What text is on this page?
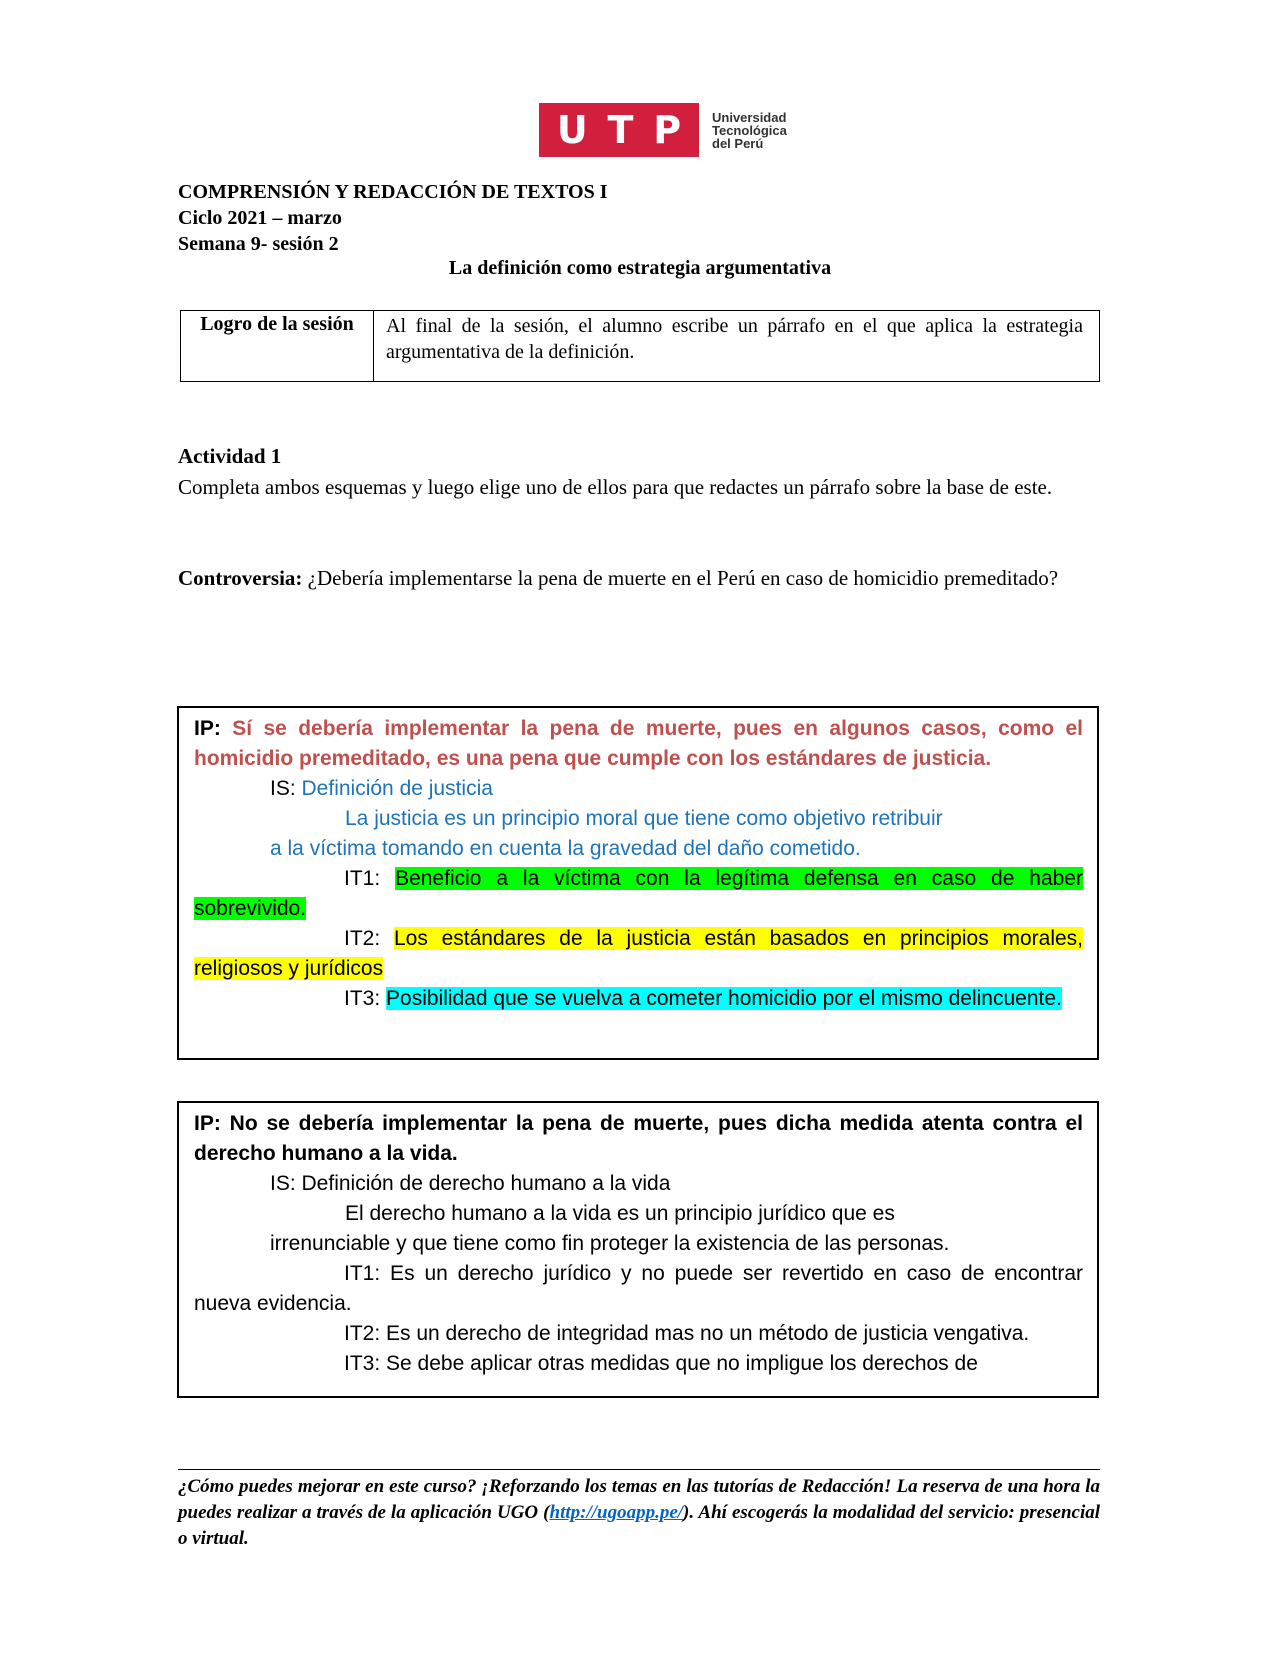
U T P Universidad
Tecnológica
del Perú
COMPRENSIÓN Y REDACCIÓN DE TEXTOS I
Ciclo 2021 – marzo
Semana 9- sesión 2
La definición como estrategia argumentativa
Logro de la sesión	Al final de la sesión, el alumno escribe un párrafo en el que aplica la estrategia argumentativa de la definición.
Actividad 1
Completa ambos esquemas y luego elige uno de ellos para que redactes un párrafo sobre la base de este.
Controversia: ¿Debería implementarse la pena de muerte en el Perú en caso de homicidio premeditado?
IP: Sí se debería implementar la pena de muerte, pues en algunos casos, como el homicidio premeditado, es una pena que cumple con los estándares de justicia.
IS: Definición de justicia
La justicia es un principio moral que tiene como objetivo retribuir
a la víctima tomando en cuenta la gravedad del daño cometido.
IT1: Beneficio a la víctima con la legítima defensa en caso de haber sobrevivido.
IT2: Los estándares de la justicia están basados en principios morales, religiosos y jurídicos
IT3: Posibilidad que se vuelva a cometer homicidio por el mismo delincuente.
IP: No se debería implementar la pena de muerte, pues dicha medida atenta contra el derecho humano a la vida.
IS: Definición de derecho humano a la vida
El derecho humano a la vida es un principio jurídico que es
irrenunciable y que tiene como fin proteger la existencia de las personas.
IT1: Es un derecho jurídico y no puede ser revertido en caso de encontrar nueva evidencia.
IT2: Es un derecho de integridad mas no un método de justicia vengativa.
IT3: Se debe aplicar otras medidas que no impligue los derechos de
¿Cómo puedes mejorar en este curso? ¡Reforzando los temas en las tutorías de Redacción! La reserva de una hora la puedes realizar a través de la aplicación UGO (http://ugoapp.pe/). Ahí escogerás la modalidad del servicio: presencial o virtual.
